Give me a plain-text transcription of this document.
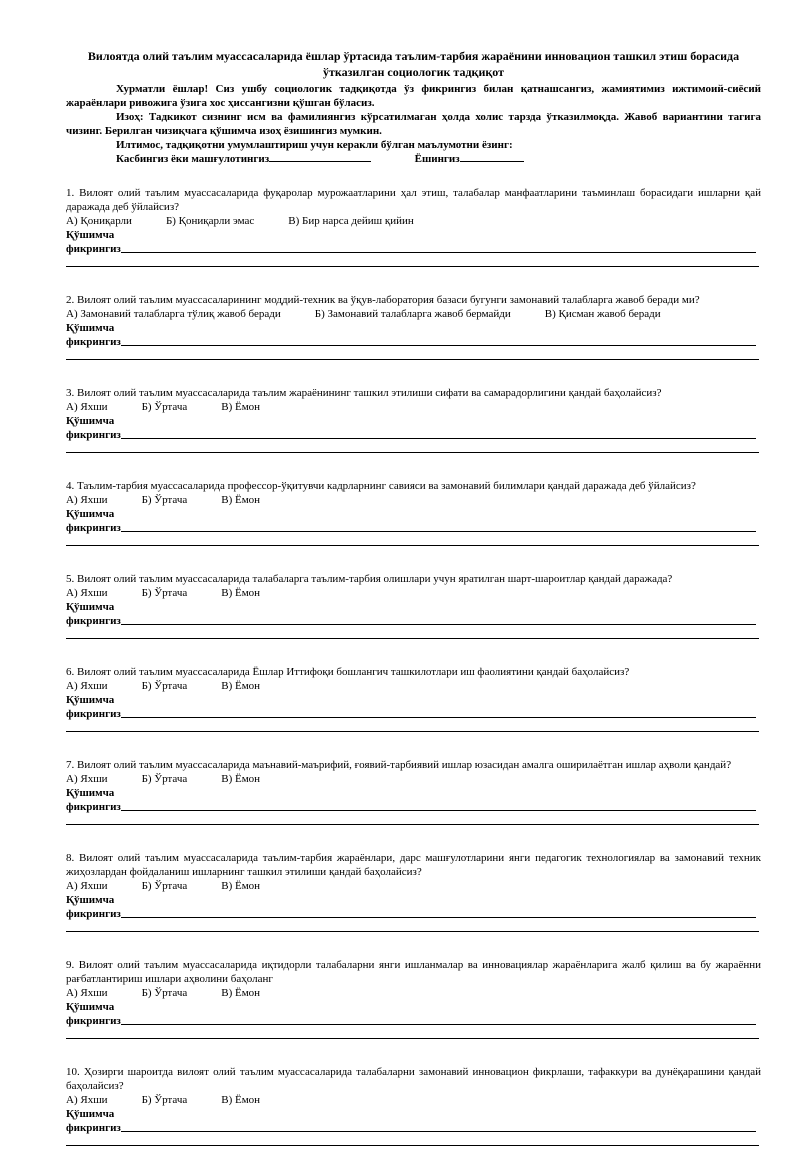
Вилоятда олий таълим муассасаларида ёшлар ўртасида таълим-тарбия жараёнини инновацион ташкил этиш борасида ўтказилган социологик тадқиқот

Хурматли ёшлар! Сиз ушбу социологик тадқиқотда ўз фикрингиз билан қатнашсангиз, жамиятимиз ижтимоий-сиёсий жараёнлари ривожига ўзига хос ҳиссангизни қўшган бўласиз.

Изоҳ: Тадкикот сизнинг исм ва фамилиянгиз кўрсатилмаган ҳолда холис тарзда ўтказилмоқда. Жавоб вариантини тагига чизинг. Берилган чизиқчага қўшимча изоҳ ёзишингиз мумкин.

Илтимос, тадқиқотни умумлаштириш учун керакли бўлган маълумотни ёзинг:

Касбингиз ёки машғулотингиз	Ёшингиз

1. Вилоят олий таълим муассасаларида фуқаролар мурожаатларини ҳал этиш, талабалар манфаатларини таъминлаш борасидаги ишларни қай даражада деб ўйлайсиз?

А) Қониқарли	Б) Қониқарли эмас	В) Бир нарса дейиш қийин

Қўшимча

фикрингиз

2. Вилоят олий таълим муассасаларининг моддий-техник ва ўқув-лаборатория базаси бугунги замонавий талабларга жавоб беради ми?

А) Замонавий талабларга тўлиқ жавоб беради	Б) Замонавий талабларга жавоб бермайди	В) Қисман жавоб беради

Қўшимча

фикрингиз

3. Вилоят олий таълим муассасаларида таълим жараёнининг ташкил этилиши сифати ва самарадорлигини қандай баҳолайсиз?

А) Яхши	Б) Ўртача	В) Ёмон

Қўшимча

фикрингиз

4. Таълим-тарбия муассасаларида профессор-ўқитувчи кадрларнинг савияси ва замонавий билимлари қандай даражада деб ўйлайсиз?

А) Яхши	Б) Ўртача	В) Ёмон

Қўшимча

фикрингиз

5. Вилоят олий таълим муассасаларида талабаларга таълим-тарбия олишлари учун яратилган шарт-шароитлар қандай даражада?

А) Яхши	Б) Ўртача	В) Ёмон

Қўшимча

фикрингиз

6. Вилоят олий таълим муассасаларида Ёшлар Иттифоқи бошлангич ташкилотлари иш фаолиятини қандай баҳолайсиз?

А) Яхши	Б) Ўртача	В) Ёмон

Қўшимча

фикрингиз

7. Вилоят олий таълим муассасаларида маънавий-маърифий, ғоявий-тарбиявий ишлар юзасидан амалга оширилаётган ишлар аҳволи қандай?

А) Яхши	Б) Ўртача	В) Ёмон

Қўшимча

фикрингиз

8. Вилоят олий таълим муассасаларида таълим-тарбия жараёнлари, дарс машғулотларини янги педагогик технологиялар ва замонавий техник жиҳозлардан фойдаланиш ишларнинг ташкил этилиши қандай баҳолайсиз?

А) Яхши	Б) Ўртача	В) Ёмон

Қўшимча

фикрингиз

9. Вилоят олий таълим муассасаларида иқтидорли талабаларни янги ишланмалар ва инновациялар жараёнларига жалб қилиш ва бу жараённи рағбатлантириш ишлари аҳволини баҳоланг

А) Яхши	Б) Ўртача	В) Ёмон

Қўшимча

фикрингиз

10. Ҳозирги шароитда вилоят олий таълим муассасаларида талабаларни замонавий инновацион фикрлаши, тафаккури ва дунёқарашини қандай баҳолайсиз?

А) Яхши	Б) Ўртача	В) Ёмон

Қўшимча

фикрингиз
